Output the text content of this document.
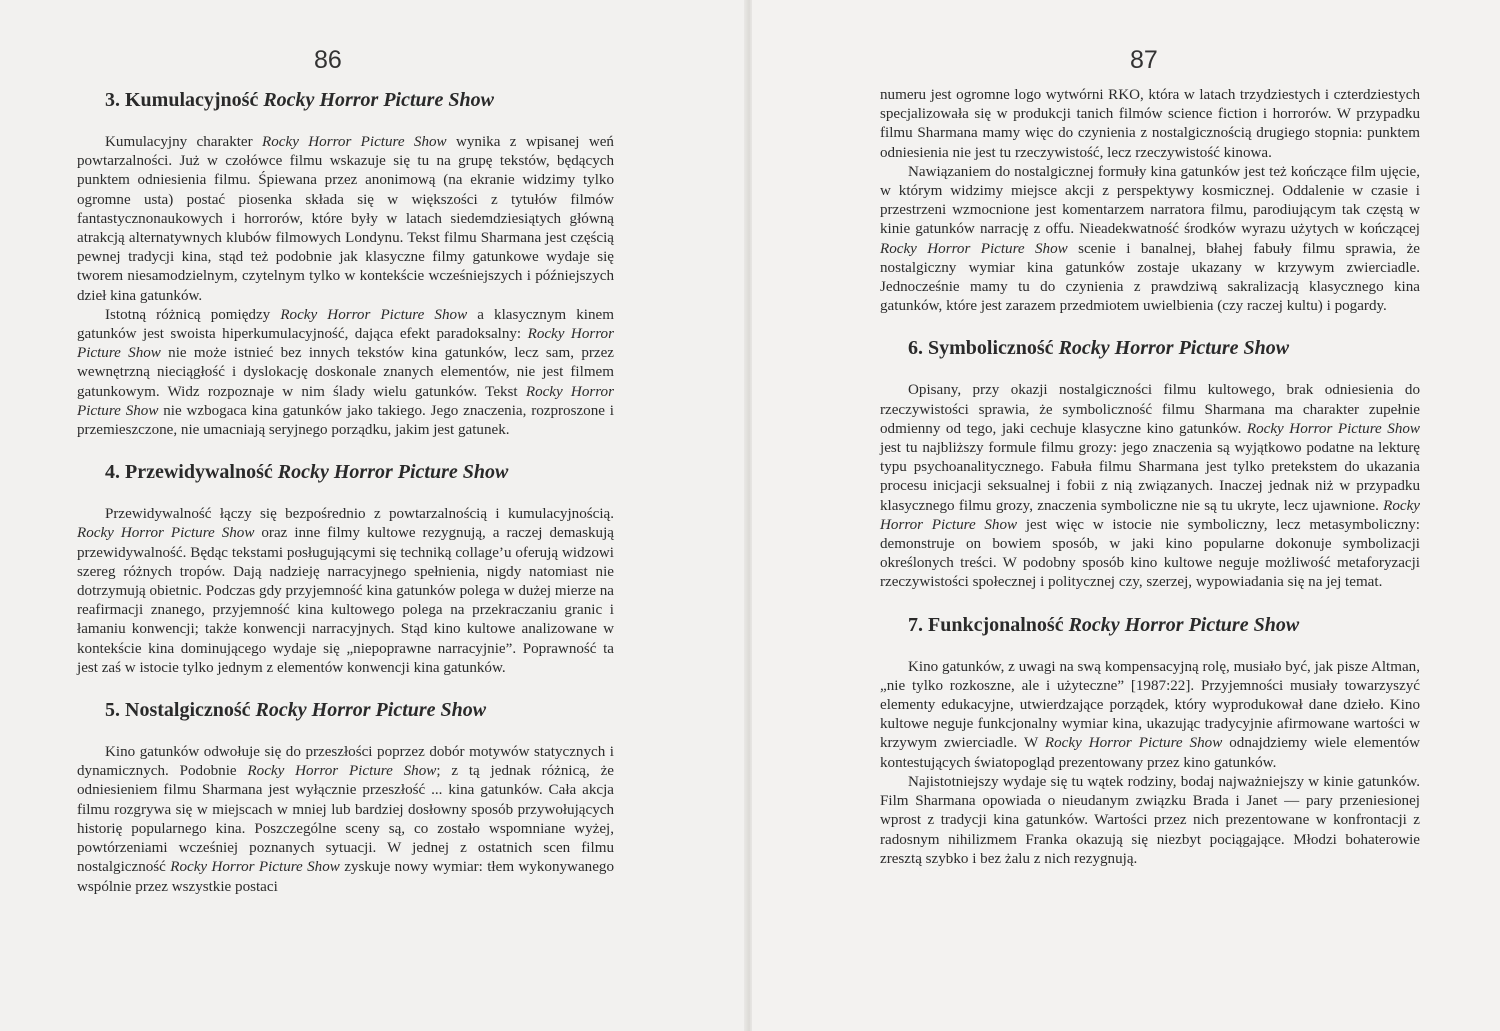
86
3. Kumulacyjność Rocky Horror Picture Show

Kumulacyjny charakter Rocky Horror Picture Show wynika z wpisanej weń powtarzalności. Już w czołówce filmu wskazuje się tu na grupę tekstów, będących punktem odniesienia filmu. Śpiewana przez anonimową (na ekranie widzimy tylko ogromne usta) postać piosenka składa się w większości z tytułów filmów fantastycznonaukowych i horrorów, które były w latach siedemdziesiątych główną atrakcją alternatywnych klubów filmowych Londynu. Tekst filmu Sharmana jest częścią pewnej tradycji kina, stąd też podobnie jak klasyczne filmy gatunkowe wydaje się tworem niesamodzielnym, czytelnym tylko w kontekście wcześniejszych i późniejszych dzieł kina gatunków.

Istotną różnicą pomiędzy Rocky Horror Picture Show a klasycznym kinem gatunków jest swoista hiperkumulacyjność, dająca efekt paradoksalny: Rocky Horror Picture Show nie może istnieć bez innych tekstów kina gatunków, lecz sam, przez wewnętrzną nieciągłość i dyslokację doskonale znanych elementów, nie jest filmem gatunkowym. Widz rozpoznaje w nim ślady wielu gatunków. Tekst Rocky Horror Picture Show nie wzbogaca kina gatunków jako takiego. Jego znaczenia, rozproszone i przemieszczone, nie umacniają seryjnego porządku, jakim jest gatunek.

4. Przewidywalność Rocky Horror Picture Show

Przewidywalność łączy się bezpośrednio z powtarzalnością i kumulacyjnością. Rocky Horror Picture Show oraz inne filmy kultowe rezygnują, a raczej demaskują przewidywalność. Będąc tekstami posługującymi się techniką collage’u oferują widzowi szereg różnych tropów. Dają nadzieję narracyjnego spełnienia, nigdy natomiast nie dotrzymują obietnic. Podczas gdy przyjemność kina gatunków polega w dużej mierze na reafirmacji znanego, przyjemność kina kultowego polega na przekraczaniu granic i łamaniu konwencji; także konwencji narracyjnych. Stąd kino kultowe analizowane w kontekście kina dominującego wydaje się „niepoprawne narracyjnie”. Poprawność ta jest zaś w istocie tylko jednym z elementów konwencji kina gatunków.

5. Nostalgiczność Rocky Horror Picture Show

Kino gatunków odwołuje się do przeszłości poprzez dobór motywów statycznych i dynamicznych. Podobnie Rocky Horror Picture Show; z tą jednak różnicą, że odniesieniem filmu Sharmana jest wyłącznie przeszłość ... kina gatunków. Cała akcja filmu rozgrywa się w miejscach w mniej lub bardziej dosłowny sposób przywołujących historię popularnego kina. Poszczególne sceny są, co zostało wspomniane wyżej, powtórzeniami wcześniej poznanych sytuacji. W jednej z ostatnich scen filmu nostalgiczność Rocky Horror Picture Show zyskuje nowy wymiar: tłem wykonywanego wspólnie przez wszystkie postaci

87

numeru jest ogromne logo wytwórni RKO, która w latach trzydziestych i czterdziestych specjalizowała się w produkcji tanich filmów science fiction i horrorów. W przypadku filmu Sharmana mamy więc do czynienia z nostalgicznością drugiego stopnia: punktem odniesienia nie jest tu rzeczywistość, lecz rzeczywistość kinowa.

Nawiązaniem do nostalgicznej formuły kina gatunków jest też kończące film ujęcie, w którym widzimy miejsce akcji z perspektywy kosmicznej. Oddalenie w czasie i przestrzeni wzmocnione jest komentarzem narratora filmu, parodiującym tak częstą w kinie gatunków narrację z offu. Nieadekwatność środków wyrazu użytych w kończącej Rocky Horror Picture Show scenie i banalnej, błahej fabuły filmu sprawia, że nostalgiczny wymiar kina gatunków zostaje ukazany w krzywym zwierciadle. Jednocześnie mamy tu do czynienia z prawdziwą sakralizacją klasycznego kina gatunków, które jest zarazem przedmiotem uwielbienia (czy raczej kultu) i pogardy.

6. Symboliczność Rocky Horror Picture Show

Opisany, przy okazji nostalgiczności filmu kultowego, brak odniesienia do rzeczywistości sprawia, że symboliczność filmu Sharmana ma charakter zupełnie odmienny od tego, jaki cechuje klasyczne kino gatunków. Rocky Horror Picture Show jest tu najbliższy formule filmu grozy: jego znaczenia są wyjątkowo podatne na lekturę typu psychoanalitycznego. Fabuła filmu Sharmana jest tylko pretekstem do ukazania procesu inicjacji seksualnej i fobii z nią związanych. Inaczej jednak niż w przypadku klasycznego filmu grozy, znaczenia symboliczne nie są tu ukryte, lecz ujawnione. Rocky Horror Picture Show jest więc w istocie nie symboliczny, lecz metasymboliczny: demonstruje on bowiem sposób, w jaki kino popularne dokonuje symbolizacji określonych treści. W podobny sposób kino kultowe neguje możliwość metaforyzacji rzeczywistości społecznej i politycznej czy, szerzej, wypowiadania się na jej temat.

7. Funkcjonalność Rocky Horror Picture Show

Kino gatunków, z uwagi na swą kompensacyjną rolę, musiało być, jak pisze Altman, „nie tylko rozkoszne, ale i użyteczne” [1987:22]. Przyjemności musiały towarzyszyć elementy edukacyjne, utwierdzające porządek, który wyprodukował dane dzieło. Kino kultowe neguje funkcjonalny wymiar kina, ukazując tradycyjnie afirmowane wartości w krzywym zwierciadle. W Rocky Horror Picture Show odnajdziemy wiele elementów kontestujących światopogląd prezentowany przez kino gatunków.

Najistotniejszy wydaje się tu wątek rodziny, bodaj najważniejszy w kinie gatunków. Film Sharmana opowiada o nieudanym związku Brada i Janet — pary przeniesionej wprost z tradycji kina gatunków. Wartości przez nich prezentowane w konfrontacji z radosnym nihilizmem Franka okazują się niezbyt pociągające. Młodzi bohaterowie zresztą szybko i bez żalu z nich rezygnują.
